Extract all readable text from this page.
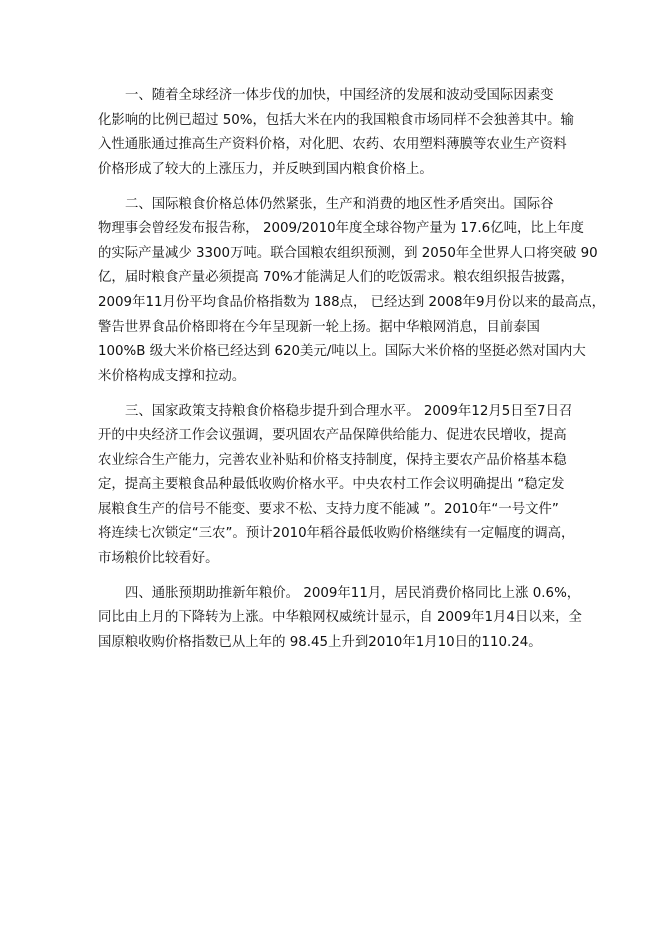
一、随着全球经济一体步伐的加快，中国经济的发展和波动受国际因素变
化影响的比例已超过 50%，包括大米在内的我国粮食市场同样不会独善其中。输
入性通胀通过推高生产资料价格，对化肥、农药、农用塑料薄膜等农业生产资料
价格形成了较大的上涨压力，并反映到国内粮食价格上。

二、国际粮食价格总体仍然紧张，生产和消费的地区性矛盾突出。国际谷
物理事会曾经发布报告称， 2009/2010年度全球谷物产量为 17.6亿吨，比上年度
的实际产量减少 3300万吨。联合国粮农组织预测，到 2050年全世界人口将突破 90
亿，届时粮食产量必须提高 70%才能满足人们的吃饭需求。粮农组织报告披露，
2009年11月份平均食品价格指数为 188点， 已经达到 2008年9月份以来的最高点，
警告世界食品价格即将在今年呈现新一轮上扬。据中华粮网消息，目前泰国
100%B 级大米价格已经达到 620美元/吨以上。国际大米价格的坚挺必然对国内大
米价格构成支撑和拉动。

三、国家政策支持粮食价格稳步提升到合理水平。 2009年12月5日至7日召
开的中央经济工作会议强调，要巩固农产品保障供给能力、促进农民增收，提高
农业综合生产能力，完善农业补贴和价格支持制度，保持主要农产品价格基本稳
定，提高主要粮食品种最低收购价格水平。中央农村工作会议明确提出 “稳定发
展粮食生产的信号不能变、要求不松、支持力度不能减 ”。2010年“一号文件”
将连续七次锁定“三农”。预计2010年稻谷最低收购价格继续有一定幅度的调高，
市场粮价比较看好。

四、通胀预期助推新年粮价。 2009年11月，居民消费价格同比上涨 0.6%，
同比由上月的下降转为上涨。中华粮网权威统计显示，自 2009年1月4日以来，全
国原粮收购价格指数已从上年的 98.45上升到2010年1月10日的110.24。
